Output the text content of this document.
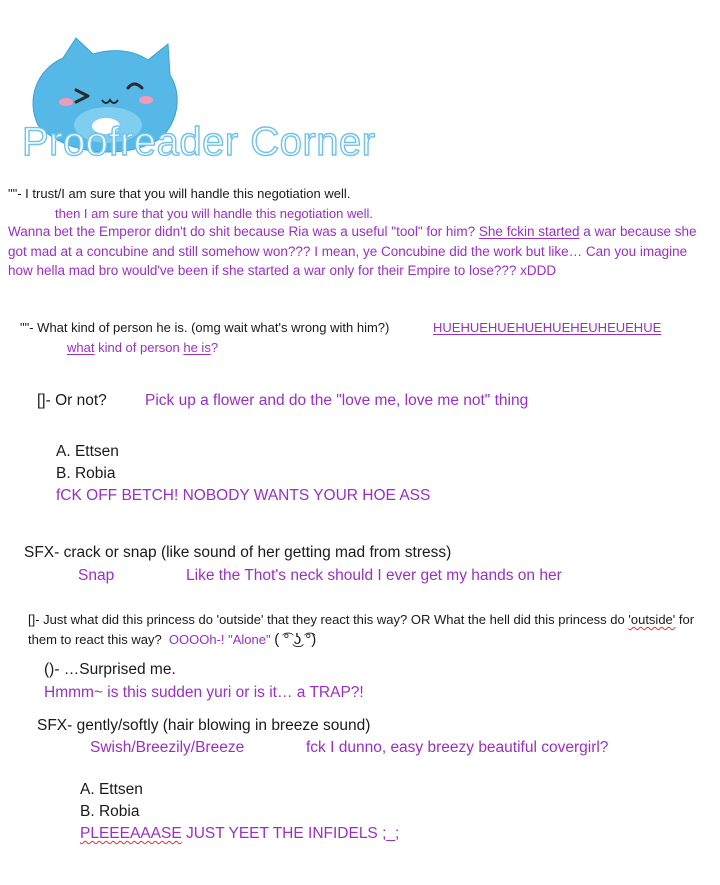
Proofreader Corner
""- I trust/I am sure that you will handle this negotiation well.
then I am sure that you will handle this negotiation well.
Wanna bet the Emperor didn't do shit because Ria was a useful "tool" for him? She fckin started a war because she got mad at a concubine and still somehow won??? I mean, ye Concubine did the work but like… Can you imagine how hella mad bro would've been if she started a war only for their Empire to lose??? xDDD
""- What kind of person he is. (omg wait what's wrong with him?)	HUEHUEHUEHUEHUEHEUHEUEHUE
what kind of person he is?
[]- Or not? Pick up a flower and do the "love me, love me not" thing
A. Ettsen
B. Robia
fCK OFF BETCH! NOBODY WANTS YOUR HOE ASS
SFX- crack or snap (like sound of her getting mad from stress)
Snap	Like the Thot's neck should I ever get my hands on her
[]- Just what did this princess do 'outside' that they react this way? OR What the hell did this princess do 'outside' for them to react this way? OOOOh-! "Alone" ( ͡° ͜ʖ ͡°)
()- …Surprised me.
Hmmm~ is this sudden yuri or is it… a TRAP?!
SFX- gently/softly (hair blowing in breeze sound)
Swish/Breezily/Breeze	fck I dunno, easy breezy beautiful covergirl?
A. Ettsen
B. Robia
PLEEEAAASE JUST YEET THE INFIDELS ;_;
